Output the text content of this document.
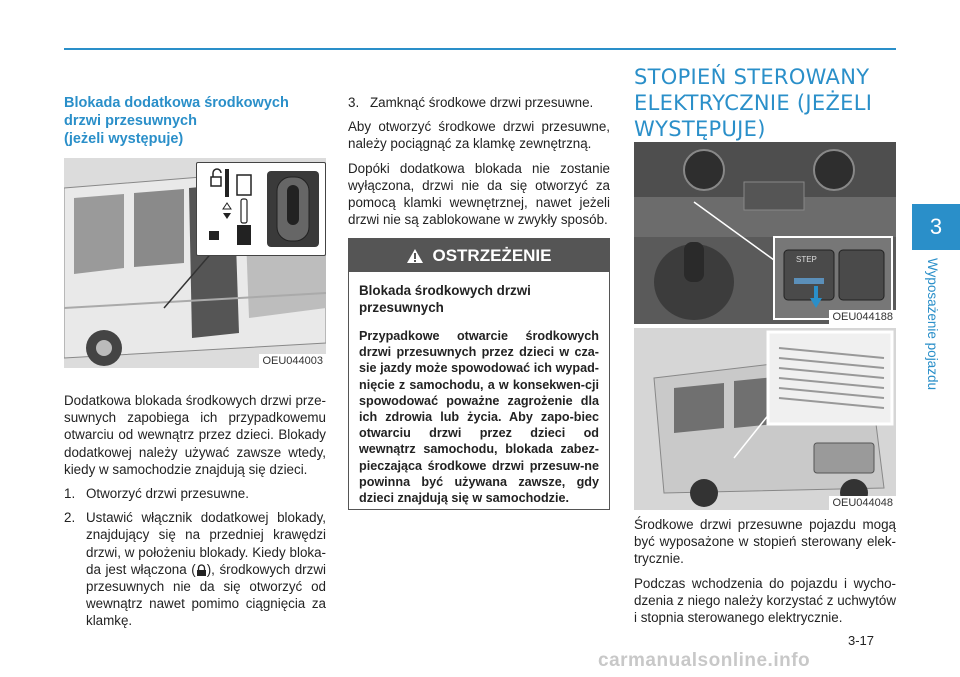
Blokada dodatkowa środkowych
drzwi przesuwnych
(jeżeli występuje)
OEU044003

Dodatkowa blokada środkowych drzwi prze-suwnych zapobiega ich przypadkowemu otwarciu od wewnątrz przez dzieci. Blokady dodatkowej należy używać zawsze wtedy, kiedy w samochodzie znajdują się dzieci.

1. Otworzyć drzwi przesuwne.
2. Ustawić włącznik dodatkowej blokady, znajdujący się na przedniej krawędzi drzwi, w położeniu blokady. Kiedy bloka-da jest włączona ( ), środkowych drzwi przesuwnych nie da się otworzyć od wewnątrz nawet pomimo ciągnięcia za klamkę.
3. Zamknąć środkowe drzwi przesuwne.

Aby otworzyć środkowe drzwi przesuwne, należy pociągnąć za klamkę zewnętrzną.

Dopóki dodatkowa blokada nie zostanie wyłączona, drzwi nie da się otworzyć za pomocą klamki wewnętrznej, nawet jeżeli drzwi nie są zablokowane w zwykły sposób.

OSTRZEŻENIE
Blokada środkowych drzwi przesuwnych
Przypadkowe otwarcie środkowych drzwi przesuwnych przez dzieci w cza-sie jazdy może spowodować ich wypad-nięcie z samochodu, a w konsekwen-cji spowodować poważne zagrożenie dla ich zdrowia lub życia. Aby zapo-biec otwarciu drzwi przez dzieci od wewnątrz samochodu, blokada zabez-pieczająca środkowe drzwi przesuw-ne powinna być używana zawsze, gdy dzieci znajdują się w samochodzie.
STOPIEŃ STEROWANY
ELEKTRYCZNIE (JEŻELI
WYSTĘPUJE)
STEP
OEU044188
OEU044048

Środkowe drzwi przesuwne pojazdu mogą być wyposażone w stopień sterowany elek-trycznie.

Podczas wchodzenia do pojazdu i wycho-dzenia z niego należy korzystać z uchwytów i stopnia sterowanego elektrycznie.

3
Wyposażenie pojazdu
3-17
carmanualsonline.info
